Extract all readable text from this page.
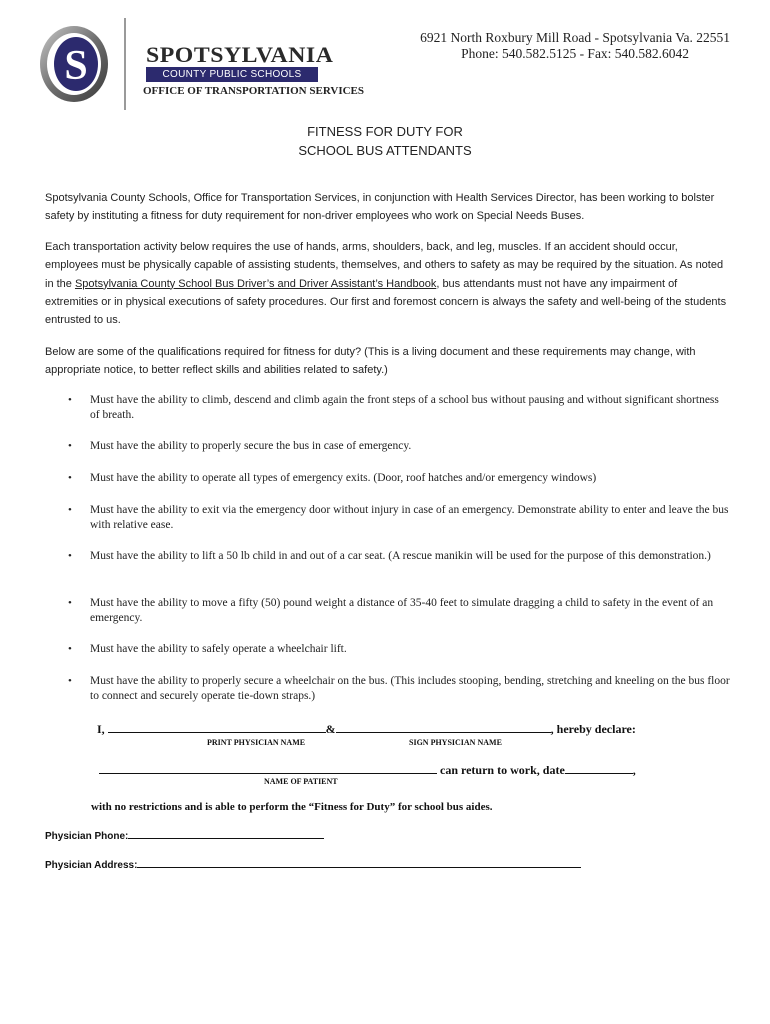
S	SPOTSYLVANIA
COUNTY PUBLIC SCHOOLS
OFFICE OF TRANSPORTATION SERVICES
6921 North Roxbury Mill Road - Spotsylvania Va. 22551
Phone: 540.582.5125 - Fax: 540.582.6042
FITNESS FOR DUTY FOR
SCHOOL BUS ATTENDANTS

Spotsylvania County Schools, Office for Transportation Services, in conjunction with Health Services Director, has been working to bolster safety by instituting a fitness for duty requirement for non-driver employees who work on Special Needs Buses.

Each transportation activity below requires the use of hands, arms, shoulders, back, and leg, muscles. If an accident should occur, employees must be physically capable of assisting students, themselves, and others to safety as may be required by the situation. As noted in the Spotsylvania County School Bus Driver’s and Driver Assistant’s Handbook, bus attendants must not have any impairment of extremities or in physical executions of safety procedures. Our first and foremost concern is always the safety and well-being of the students entrusted to us.

Below are some of the qualifications required for fitness for duty? (This is a living document and these requirements may change, with appropriate notice, to better reflect skills and abilities related to safety.)

• Must have the ability to climb, descend and climb again the front steps of a school bus without pausing and without significant shortness of breath.
• Must have the ability to properly secure the bus in case of emergency.
• Must have the ability to operate all types of emergency exits. (Door, roof hatches and/or emergency windows)
• Must have the ability to exit via the emergency door without injury in case of an emergency. Demonstrate ability to enter and leave the bus with relative ease.
• Must have the ability to lift a 50 lb child in and out of a car seat. (A rescue manikin will be used for the purpose of this demonstration.)
• Must have the ability to move a fifty (50) pound weight a distance of 35-40 feet to simulate dragging a child to safety in the event of an emergency.
• Must have the ability to safely operate a wheelchair lift.
• Must have the ability to properly secure a wheelchair on the bus. (This includes stooping, bending, stretching and kneeling on the bus floor to connect and securely operate tie-down straps.)
I,	&	, hereby declare:
PRINT PHYSICIAN NAME	SIGN PHYSICIAN NAME
can return to work, date	,
NAME OF PATIENT
with no restrictions and is able to perform the “Fitness for Duty” for school bus aides.
Physician Phone:
Physician Address:
